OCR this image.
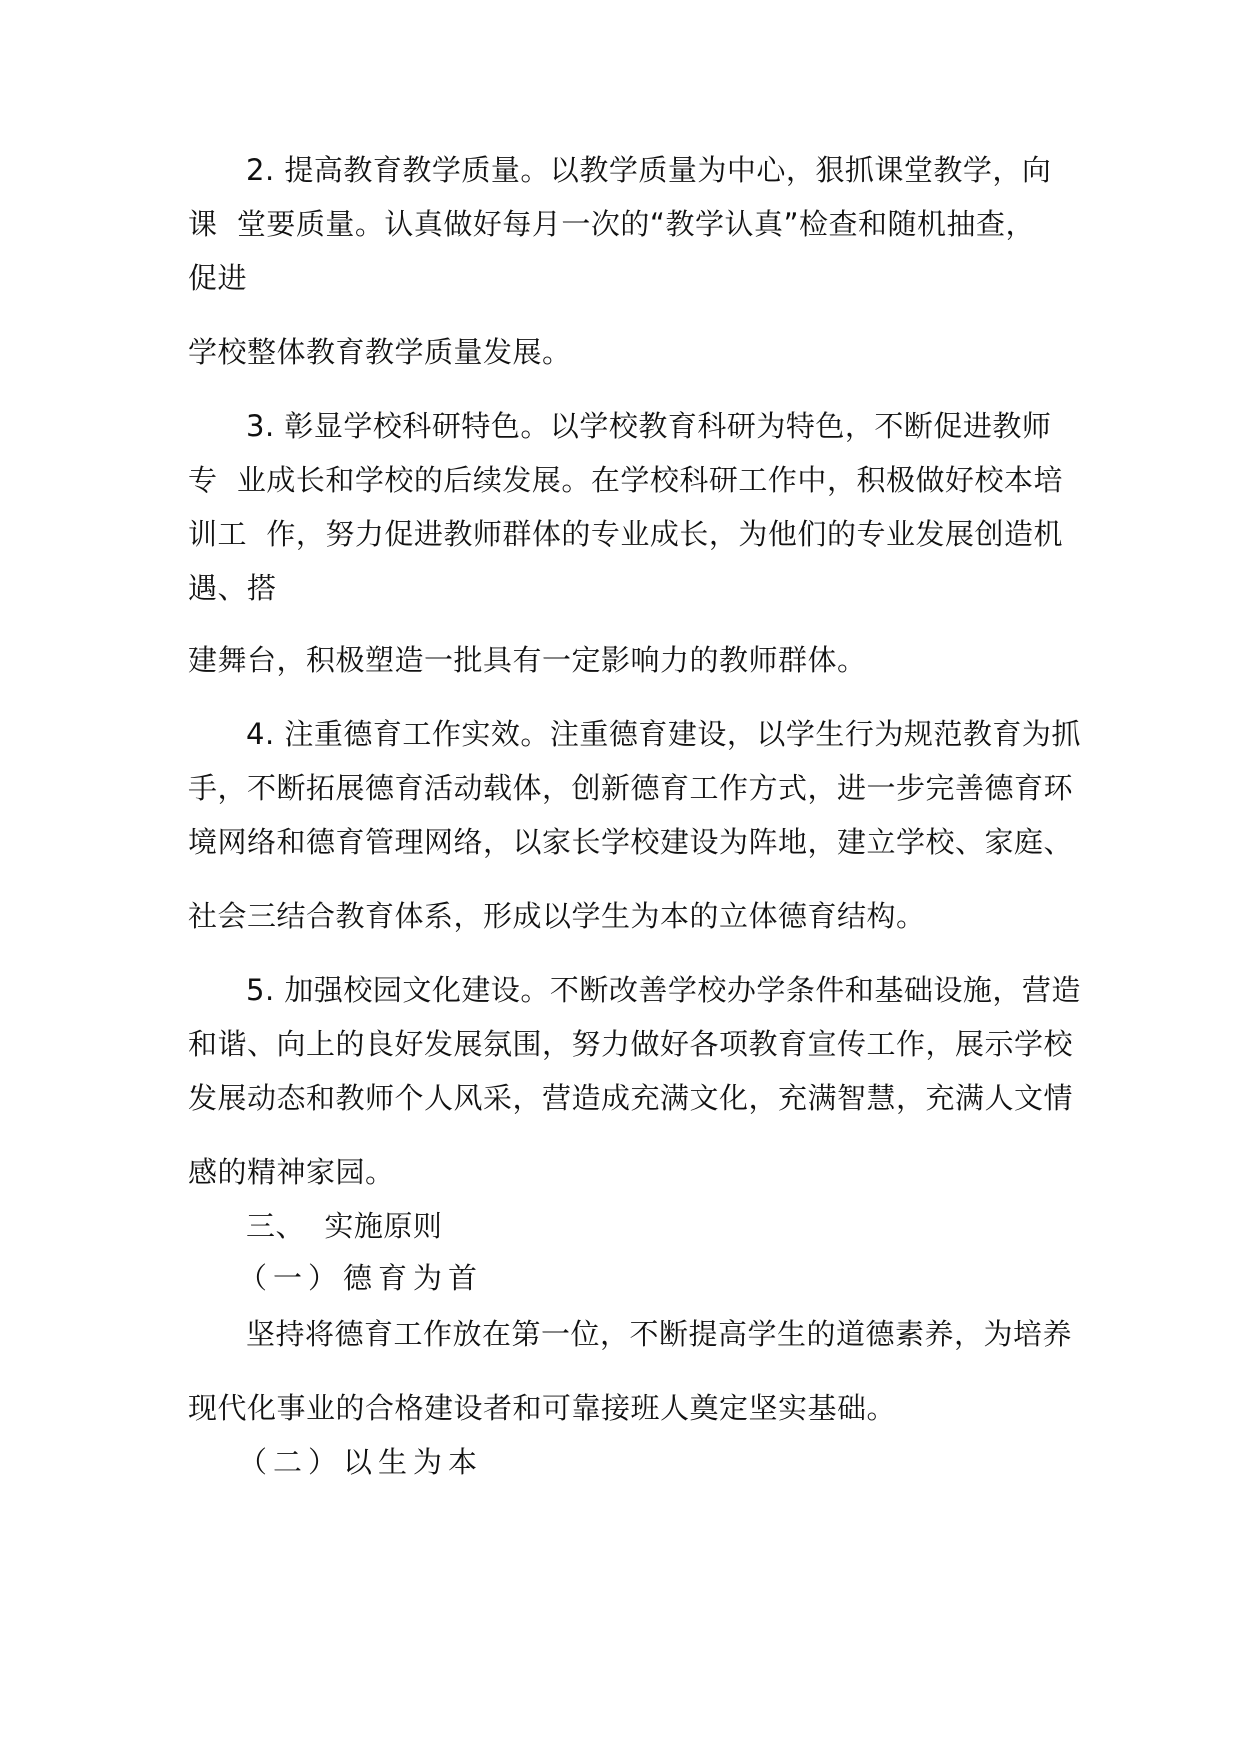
2. 提高教育教学质量。以教学质量为中心，狠抓课堂教学，向
课  堂要质量。认真做好每月一次的“教学认真”检查和随机抽查，
促进
学校整体教育教学质量发展。
3. 彰显学校科研特色。以学校教育科研为特色，不断促进教师
专  业成长和学校的后续发展。在学校科研工作中，积极做好校本培
训工  作，努力促进教师群体的专业成长，为他们的专业发展创造机
遇、搭
建舞台，积极塑造一批具有一定影响力的教师群体。
4. 注重德育工作实效。注重德育建设，以学生行为规范教育为抓
手，不断拓展德育活动载体，创新德育工作方式，进一步完善德育环
境网络和德育管理网络，以家长学校建设为阵地，建立学校、家庭、
社会三结合教育体系，形成以学生为本的立体德育结构。
5. 加强校园文化建设。不断改善学校办学条件和基础设施，营造
和谐、向上的良好发展氛围，努力做好各项教育宣传工作，展示学校
发展动态和教师个人风采，营造成充满文化，充满智慧，充满人文情
感的精神家园。
三、  实施原则
（一）德育为首
坚持将德育工作放在第一位，不断提高学生的道德素养，为培养
现代化事业的合格建设者和可靠接班人奠定坚实基础。
（二）以生为本
